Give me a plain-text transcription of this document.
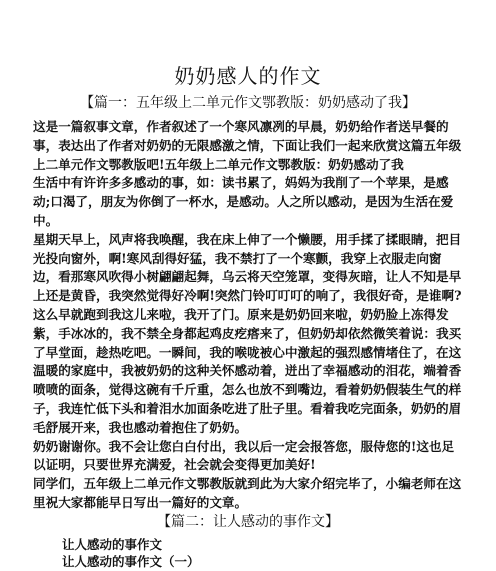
奶奶感人的作文
【篇一：五年级上二单元作文鄂教版：奶奶感动了我】

这是一篇叙事文章，作者叙述了一个寒风凛冽的早晨，奶奶给作者送早餐的事，表达出了作者对奶奶的无限感激之情，下面让我们一起来欣赏这篇五年级上二单元作文鄂教版吧!五年级上二单元作文鄂教版：奶奶感动了我

生活中有许许多多感动的事，如：读书累了，妈妈为我削了一个苹果，是感动;口渴了，朋友为你倒了一杯水，是感动。人之所以感动，是因为生活在爱中。

星期天早上，风声将我唤醒，我在床上伸了一个懒腰，用手揉了揉眼睛，把目光投向窗外，啊!寒风刮得好猛，我不禁打了一个寒颤，我穿上衣服走向窗边，看那寒风吹得小树翩翩起舞，乌云将天空笼罩，变得灰暗，让人不知是早上还是黄昏，我突然觉得好冷啊!突然门铃叮叮叮的响了，我很好奇，是谁啊?这么早就跑到我这儿来啦，我开了门。原来是奶奶回来啦，奶奶脸上冻得发紫，手冰冰的，我不禁全身都起鸡皮疙瘩来了，但奶奶却依然微笑着说：我买了早堂面，趁热吃吧。一瞬间，我的喉咙被心中激起的强烈感情堵住了，在这温暖的家庭中，我被奶奶的这种关怀感动着，迸出了幸福感动的泪花，端着香喷喷的面条，觉得这碗有千斤重，怎么也放不到嘴边，看着奶奶假装生气的样子，我连忙低下头和着泪水加面条吃进了肚子里。看着我吃完面条，奶奶的眉毛舒展开来，我也感动着抱住了奶奶。

奶奶谢谢你。我不会让您白白付出，我以后一定会报答您，服侍您的!这也足以证明，只要世界充满爱，社会就会变得更加美好!

同学们，五年级上二单元作文鄂教版就到此为大家介绍完毕了，小编老师在这里祝大家都能早日写出一篇好的文章。

【篇二：让人感动的事作文】

让人感动的事作文

让人感动的事作文（一）
